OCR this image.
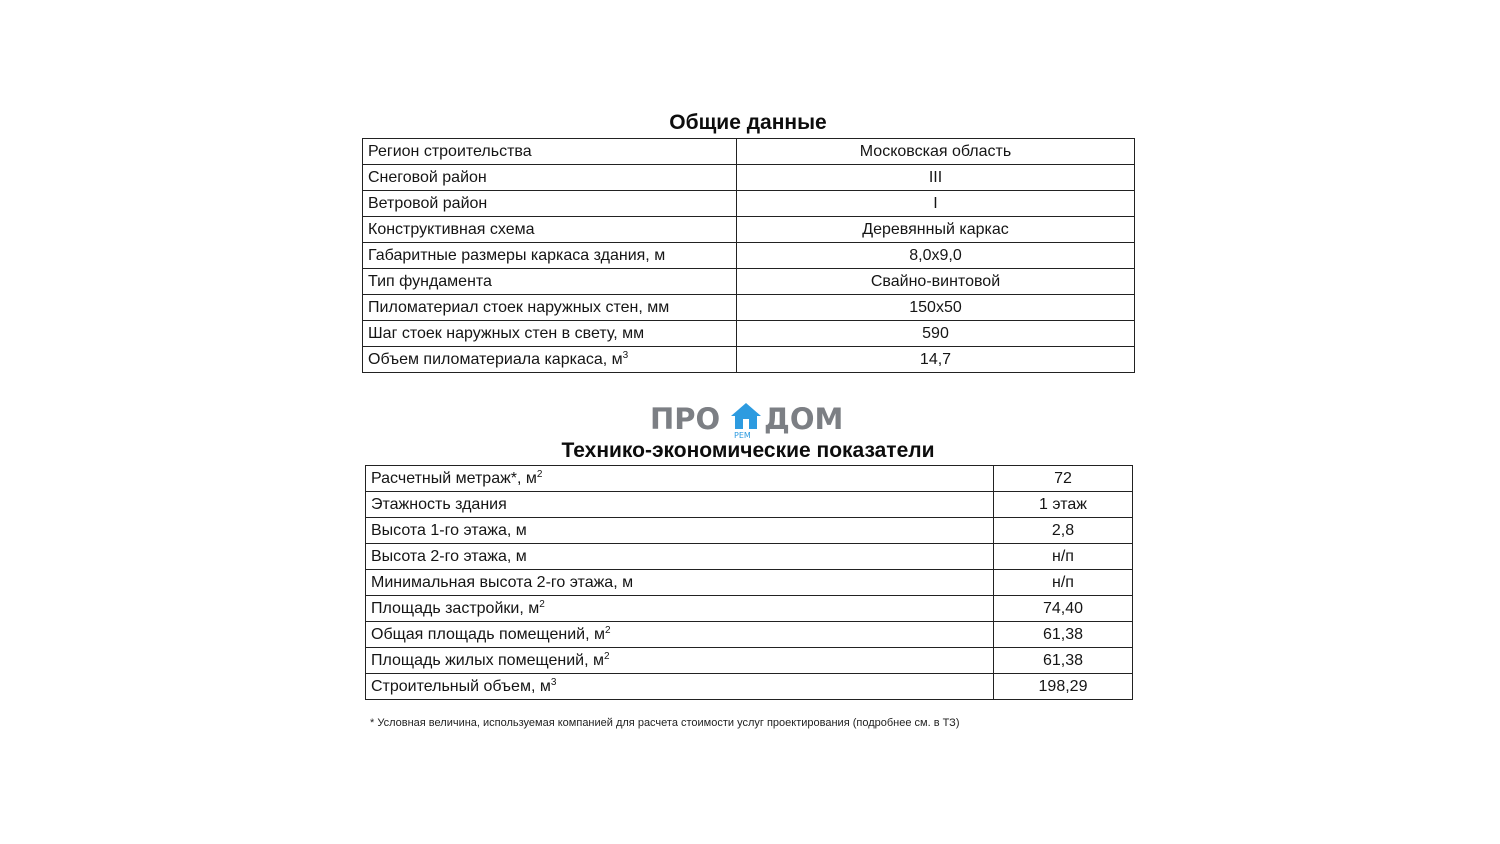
Общие данные
Регион строительства	Московская область
Снеговой район	III
Ветровой район	I
Конструктивная схема	Деревянный каркас
Габаритные размеры каркаса здания, м	8,0x9,0
Тип фундамента	Свайно-винтовой
Пиломатериал стоек наружных стен, мм	150x50
Шаг стоек наружных стен в свету, мм	590
Объем пиломатериала каркаса, $м^3$	14,7
ПРО РЕМ ДОМ
Технико-экономические показатели
Расчетный метраж*, $м^2$	72
Этажность здания	1 этаж
Высота 1-го этажа, м	2,8
Высота 2-го этажа, м	н/п
Минимальная высота 2-го этажа, м	н/п
Площадь застройки, $м^2$	74,40
Общая площадь помещений, $м^2$	61,38
Площадь жилых помещений, $м^2$	61,38
Строительный объем, $м^3$	198,29
* Условная величина, используемая компанией для расчета стоимости услуг проектирования (подробнее см. в ТЗ)
